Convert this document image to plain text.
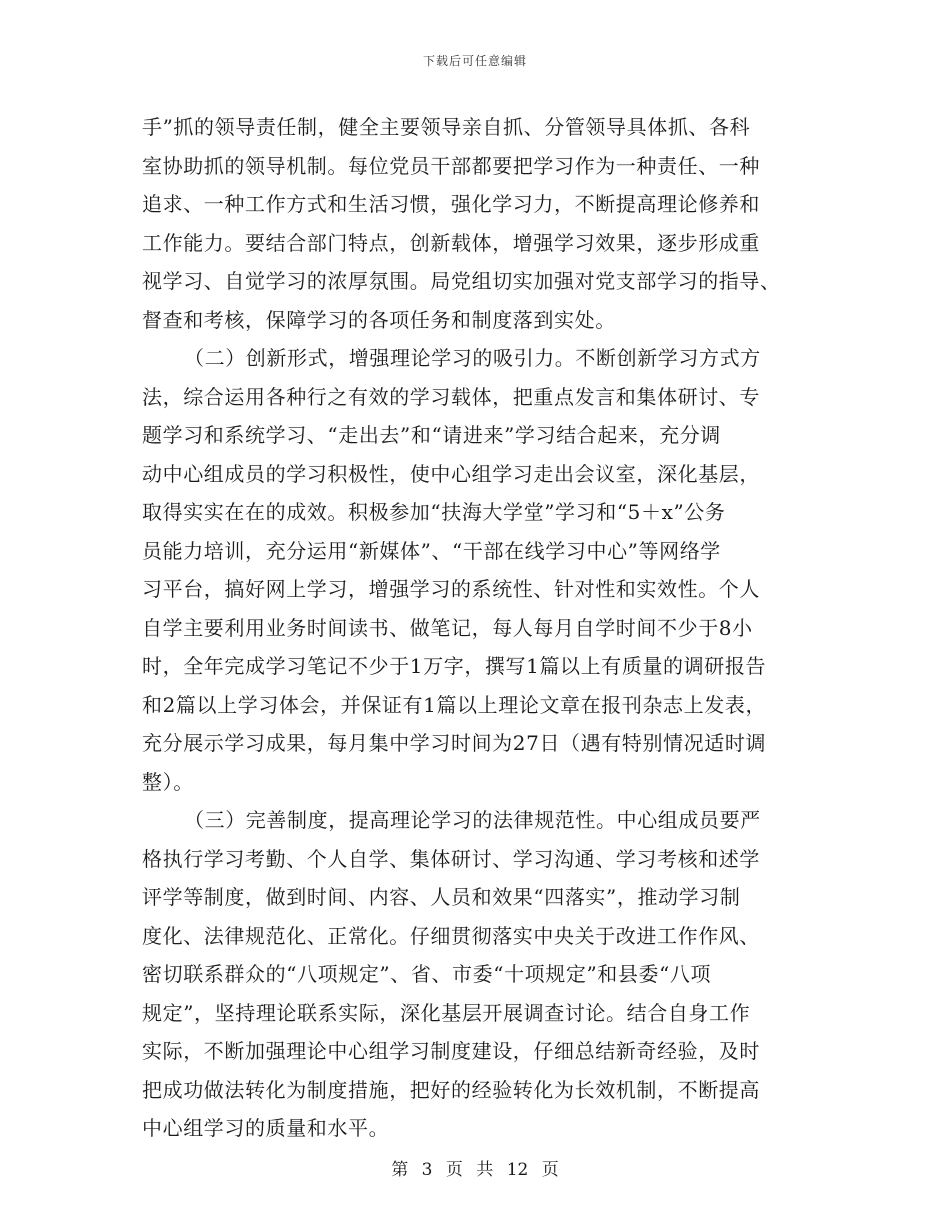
下载后可任意编辑
手”抓的领导责任制，健全主要领导亲自抓、分管领导具体抓、各科
室协助抓的领导机制。每位党员干部都要把学习作为一种责任、一种
追求、一种工作方式和生活习惯，强化学习力，不断提高理论修养和
工作能力。要结合部门特点，创新载体，增强学习效果，逐步形成重
视学习、自觉学习的浓厚氛围。局党组切实加强对党支部学习的指导、
督查和考核，保障学习的各项任务和制度落到实处。
（二）创新形式，增强理论学习的吸引力。不断创新学习方式方
法，综合运用各种行之有效的学习载体，把重点发言和集体研讨、专
题学习和系统学习、“走出去”和“请进来”学习结合起来，充分调
动中心组成员的学习积极性，使中心组学习走出会议室，深化基层，
取得实实在在的成效。积极参加“扶海大学堂”学习和“5＋x”公务
员能力培训，充分运用“新媒体”、“干部在线学习中心”等网络学
习平台，搞好网上学习，增强学习的系统性、针对性和实效性。个人
自学主要利用业务时间读书、做笔记，每人每月自学时间不少于8小
时，全年完成学习笔记不少于1万字，撰写1篇以上有质量的调研报告
和2篇以上学习体会，并保证有1篇以上理论文章在报刊杂志上发表，
充分展示学习成果，每月集中学习时间为27日（遇有特别情况适时调
整）。
（三）完善制度，提高理论学习的法律规范性。中心组成员要严
格执行学习考勤、个人自学、集体研讨、学习沟通、学习考核和述学
评学等制度，做到时间、内容、人员和效果“四落实”，推动学习制
度化、法律规范化、正常化。仔细贯彻落实中央关于改进工作作风、
密切联系群众的“八项规定”、省、市委“十项规定”和县委“八项
规定”，坚持理论联系实际，深化基层开展调查讨论。结合自身工作
实际，不断加强理论中心组学习制度建设，仔细总结新奇经验，及时
把成功做法转化为制度措施，把好的经验转化为长效机制，不断提高
中心组学习的质量和水平。
第 3 页 共 12 页
